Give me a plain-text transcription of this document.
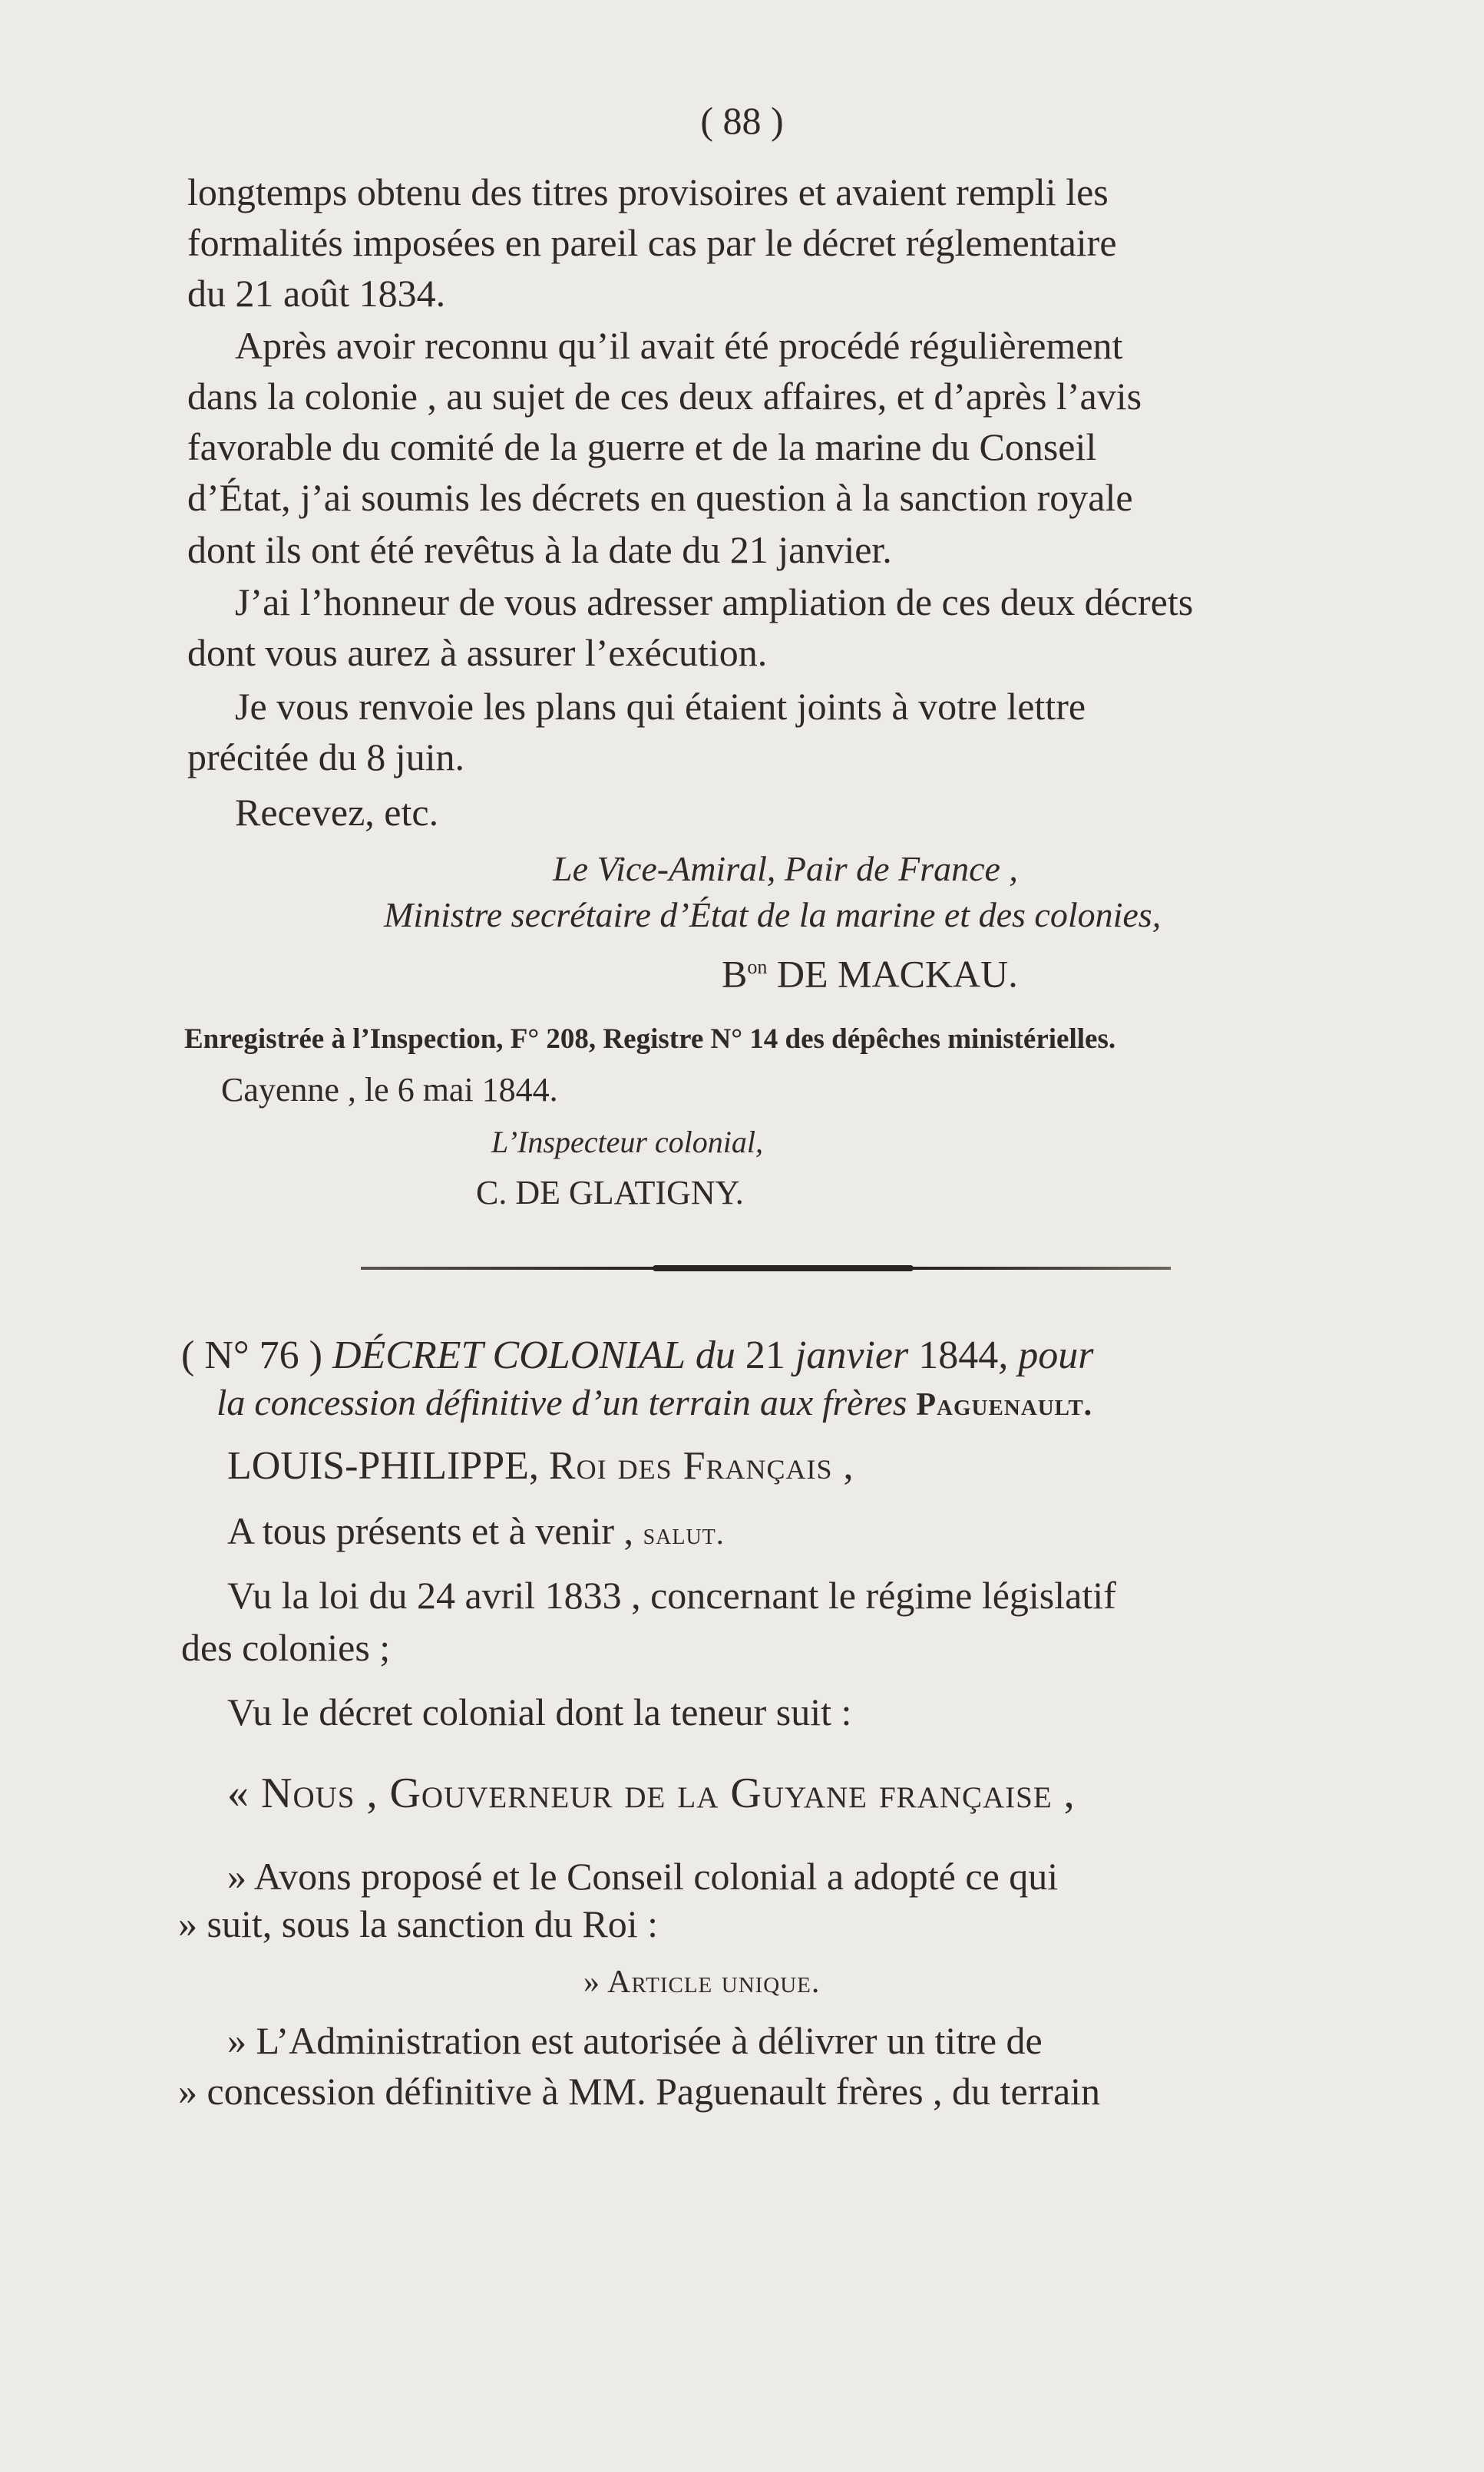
( 88 )
longtemps obtenu des titres provisoires et avaient rempli les
formalités imposées en pareil cas par le décret réglementaire
du 21 août 1834.
Après avoir reconnu qu’il avait été procédé régulièrement
dans la colonie , au sujet de ces deux affaires, et d’après l’avis
favorable du comité de la guerre et de la marine du Conseil
d’État, j’ai soumis les décrets en question à la sanction royale
dont ils ont été revêtus à la date du 21 janvier.
J’ai l’honneur de vous adresser ampliation de ces deux décrets
dont vous aurez à assurer l’exécution.
Je vous renvoie les plans qui étaient joints à votre lettre
précitée du 8 juin.
Recevez, etc.
Le Vice-Amiral, Pair de France ,
Ministre secrétaire d’État de la marine et des colonies,
$B^{on}$ DE MACKAU.
Enregistrée à l’Inspection, F° 208, Registre N° 14 des dépêches ministérielles.
Cayenne , le 6 mai 1844.
L’Inspecteur colonial,
C. DE GLATIGNY.
( N° 76 ) DÉCRET COLONIAL du 21 janvier 1844, pour
la concession définitive d’un terrain aux frères Paguenault.
LOUIS-PHILIPPE, Roi des Français ,
A tous présents et à venir , salut.
Vu la loi du 24 avril 1833 , concernant le régime législatif
des colonies ;
Vu le décret colonial dont la teneur suit :
« Nous , Gouverneur de la Guyane française ,
» Avons proposé et le Conseil colonial a adopté ce qui
» suit, sous la sanction du Roi :
» Article unique.
» L’Administration est autorisée à délivrer un titre de
» concession définitive à MM. Paguenault frères , du terrain
